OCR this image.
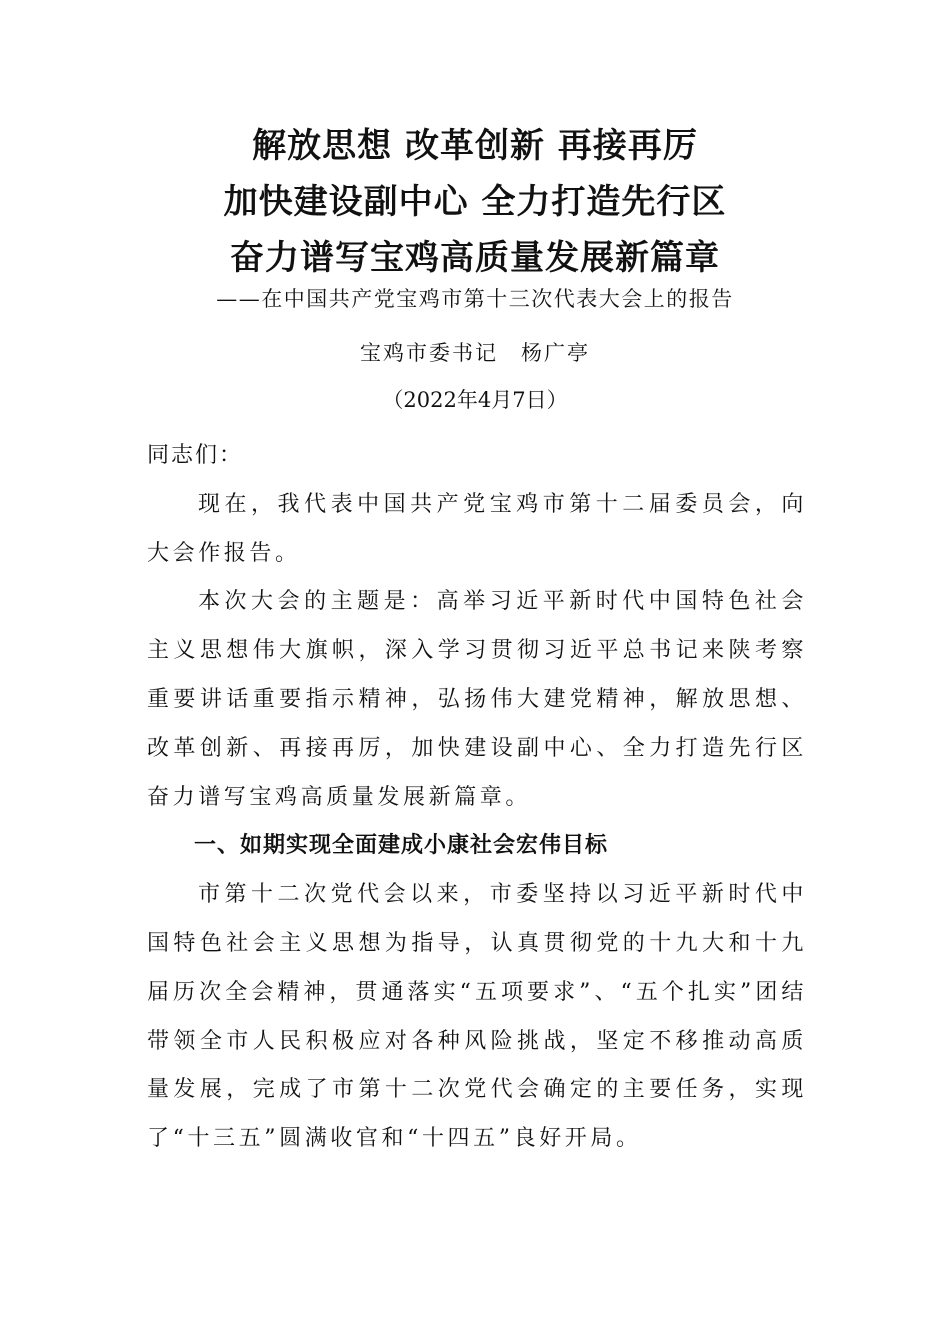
解放思想 改革创新 再接再厉
加快建设副中心 全力打造先行区
奋力谱写宝鸡高质量发展新篇章
——在中国共产党宝鸡市第十三次代表大会上的报告
宝鸡市委书记　杨广亭
（2022年4月7日）

同志们：

现在，我代表中国共产党宝鸡市第十二届委员会，向大会作报告。

本次大会的主题是：高举习近平新时代中国特色社会主义思想伟大旗帜，深入学习贯彻习近平总书记来陕考察重要讲话重要指示精神，弘扬伟大建党精神，解放思想、改革创新、再接再厉，加快建设副中心、全力打造先行区奋力谱写宝鸡高质量发展新篇章。

一、如期实现全面建成小康社会宏伟目标

市第十二次党代会以来，市委坚持以习近平新时代中国特色社会主义思想为指导，认真贯彻党的十九大和十九届历次全会精神，贯通落实“五项要求”、“五个扎实”团结带领全市人民积极应对各种风险挑战，坚定不移推动高质量发展，完成了市第十二次党代会确定的主要任务，实现了“十三五”圆满收官和“十四五”良好开局。
